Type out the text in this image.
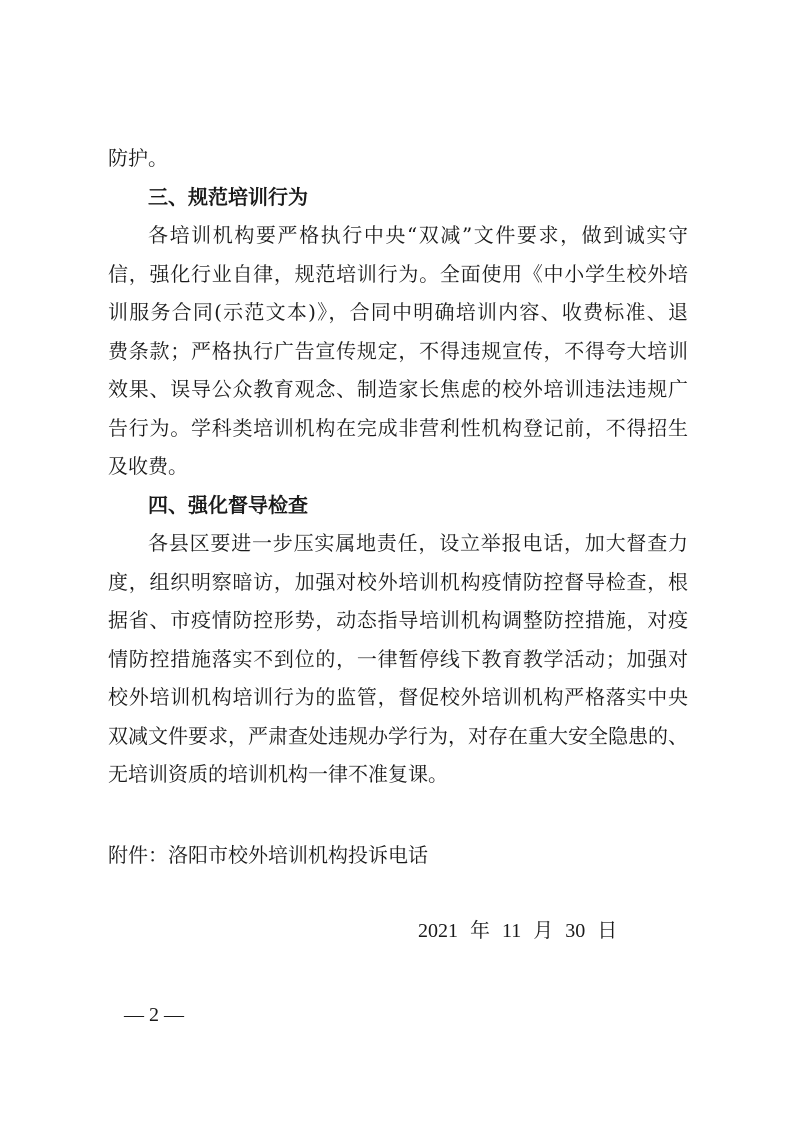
防护。
三、规范培训行为
各培训机构要严格执行中央“双减”文件要求，做到诚实守
信，强化行业自律，规范培训行为。全面使用《中小学生校外培
训服务合同(示范文本)》，合同中明确培训内容、收费标准、退
费条款；严格执行广告宣传规定，不得违规宣传，不得夸大培训
效果、误导公众教育观念、制造家长焦虑的校外培训违法违规广
告行为。学科类培训机构在完成非营利性机构登记前，不得招生
及收费。
四、强化督导检查
各县区要进一步压实属地责任，设立举报电话，加大督查力
度，组织明察暗访，加强对校外培训机构疫情防控督导检查，根
据省、市疫情防控形势，动态指导培训机构调整防控措施，对疫
情防控措施落实不到位的，一律暂停线下教育教学活动；加强对
校外培训机构培训行为的监管，督促校外培训机构严格落实中央
双减文件要求，严肃查处违规办学行为，对存在重大安全隐患的、
无培训资质的培训机构一律不准复课。
附件：洛阳市校外培训机构投诉电话
2021 年 11 月 30 日
— 2 —
